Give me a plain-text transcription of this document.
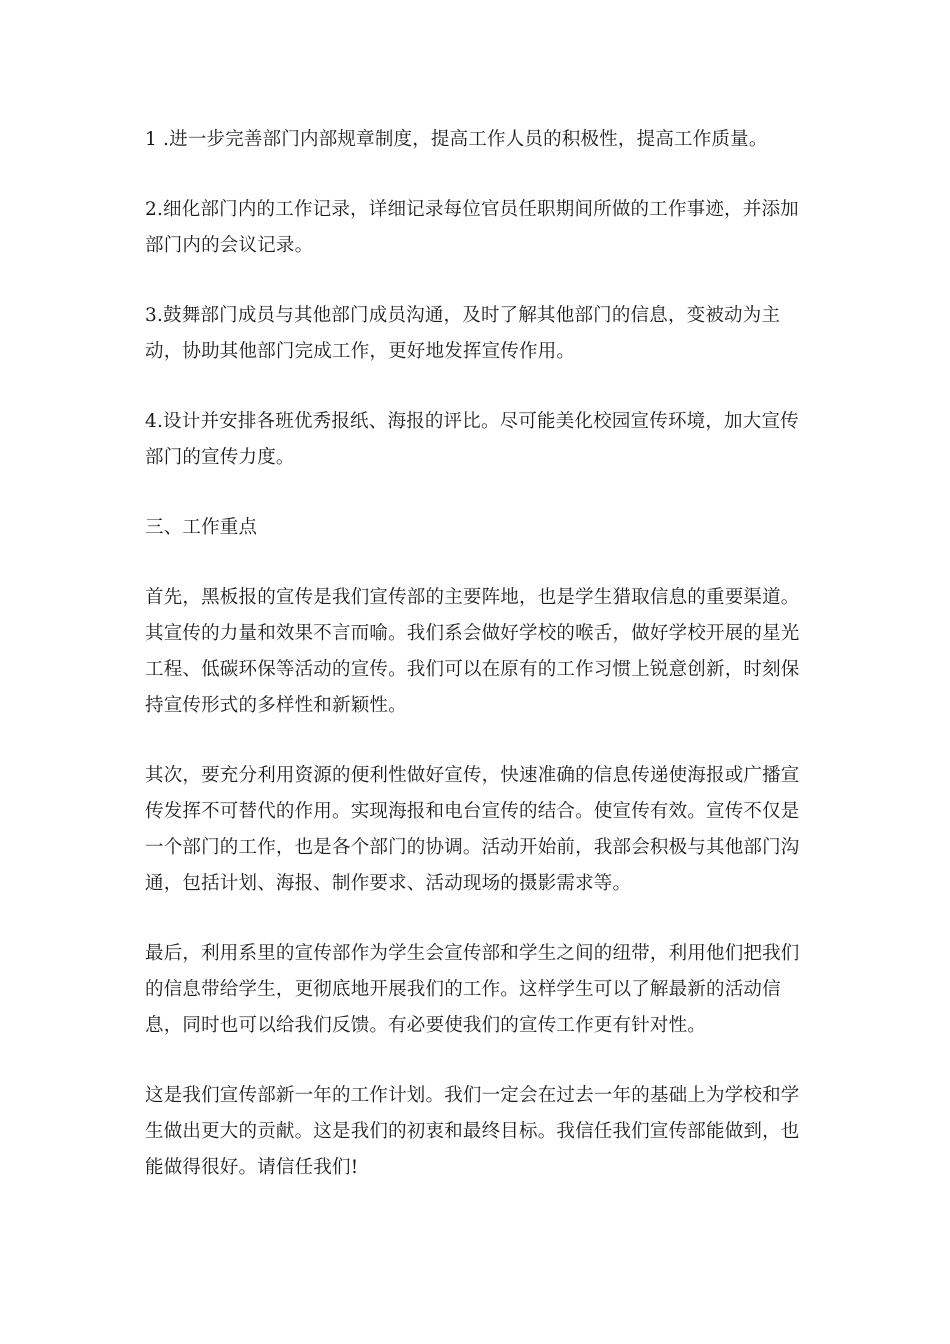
1 .进一步完善部门内部规章制度，提高工作人员的积极性，提高工作质量。

2.细化部门内的工作记录，详细记录每位官员任职期间所做的工作事迹，并添加部门内的会议记录。

3.鼓舞部门成员与其他部门成员沟通，及时了解其他部门的信息，变被动为主动，协助其他部门完成工作，更好地发挥宣传作用。

4.设计并安排各班优秀报纸、海报的评比。尽可能美化校园宣传环境，加大宣传部门的宣传力度。

三、工作重点

首先，黑板报的宣传是我们宣传部的主要阵地，也是学生猎取信息的重要渠道。其宣传的力量和效果不言而喻。我们系会做好学校的喉舌，做好学校开展的星光工程、低碳环保等活动的宣传。我们可以在原有的工作习惯上锐意创新，时刻保持宣传形式的多样性和新颖性。

其次，要充分利用资源的便利性做好宣传，快速准确的信息传递使海报或广播宣传发挥不可替代的作用。实现海报和电台宣传的结合。使宣传有效。宣传不仅是一个部门的工作，也是各个部门的协调。活动开始前，我部会积极与其他部门沟通，包括计划、海报、制作要求、活动现场的摄影需求等。

最后，利用系里的宣传部作为学生会宣传部和学生之间的纽带，利用他们把我们的信息带给学生，更彻底地开展我们的工作。这样学生可以了解最新的活动信息，同时也可以给我们反馈。有必要使我们的宣传工作更有针对性。

这是我们宣传部新一年的工作计划。我们一定会在过去一年的基础上为学校和学生做出更大的贡献。这是我们的初衷和最终目标。我信任我们宣传部能做到，也能做得很好。请信任我们!
